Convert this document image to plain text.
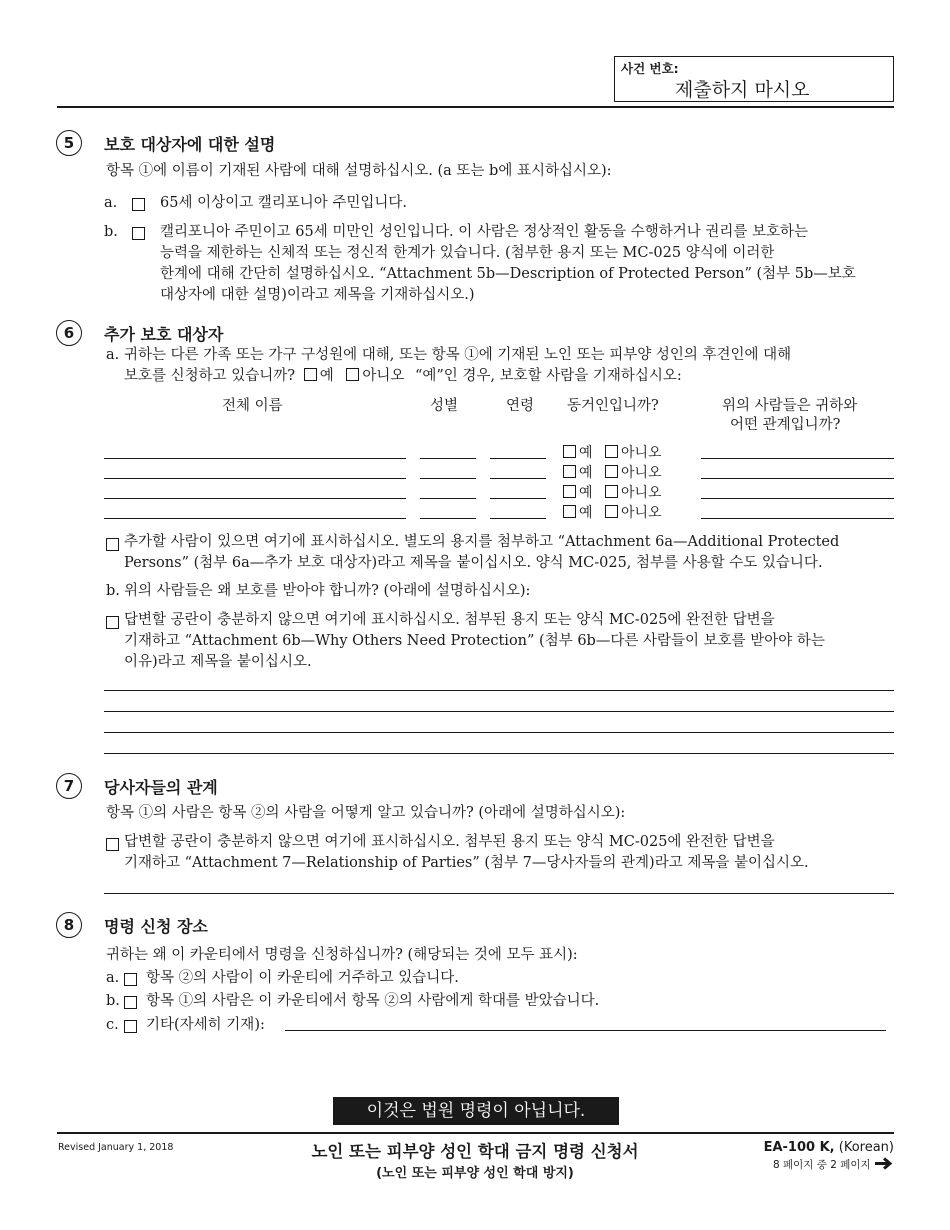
사건 번호:
제출하지 마시오
5	보호 대상자에 대한 설명
항목 ①에 이름이 기재된 사람에 대해 설명하십시오. (a 또는 b에 표시하십시오):
a.	65세 이상이고 캘리포니아 주민입니다.
b.	캘리포니아 주민이고 65세 미만인 성인입니다. 이 사람은 정상적인 활동을 수행하거나 권리를 보호하는
능력을 제한하는 신체적 또는 정신적 한계가 있습니다. (첨부한 용지 또는 MC-025 양식에 이러한
한계에 대해 간단히 설명하십시오. “Attachment 5b—Description of Protected Person” (첨부 5b—보호
대상자에 대한 설명)이라고 제목을 기재하십시오.)
6	추가 보호 대상자
a. 귀하는 다른 가족 또는 가구 구성원에 대해, 또는 항목 ①에 기재된 노인 또는 피부양 성인의 후견인에 대해
보호를 신청하고 있습니까? 예 아니오 “예”인 경우, 보호할 사람을 기재하십시오:
전체 이름	성별	연령 동거인입니까?	위의 사람들은 귀하와
어떤 관계입니까?
예 아니오
예 아니오
예 아니오
예 아니오
추가할 사람이 있으면 여기에 표시하십시오. 별도의 용지를 첨부하고 “Attachment 6a—Additional Protected
Persons” (첨부 6a—추가 보호 대상자)라고 제목을 붙이십시오. 양식 MC-025, 첨부를 사용할 수도 있습니다.
b. 위의 사람들은 왜 보호를 받아야 합니까? (아래에 설명하십시오):
답변할 공란이 충분하지 않으면 여기에 표시하십시오. 첨부된 용지 또는 양식 MC-025에 완전한 답변을
기재하고 “Attachment 6b—Why Others Need Protection” (첨부 6b—다른 사람들이 보호를 받아야 하는
이유)라고 제목을 붙이십시오.
7	당사자들의 관계
항목 ①의 사람은 항목 ②의 사람을 어떻게 알고 있습니까? (아래에 설명하십시오):
답변할 공란이 충분하지 않으면 여기에 표시하십시오. 첨부된 용지 또는 양식 MC-025에 완전한 답변을
기재하고 “Attachment 7—Relationship of Parties” (첨부 7—당사자들의 관계)라고 제목을 붙이십시오.
8	명령 신청 장소
귀하는 왜 이 카운티에서 명령을 신청하십니까? (해당되는 것에 모두 표시):
a. 항목 ②의 사람이 이 카운티에 거주하고 있습니다.
b. 항목 ①의 사람은 이 카운티에서 항목 ②의 사람에게 학대를 받았습니다.
c. 기타(자세히 기재):
이것은 법원 명령이 아닙니다.
Revised January 1, 2018	노인 또는 피부양 성인 학대 금지 명령 신청서
(노인 또는 피부양 성인 학대 방지)
EA-100 K, (Korean)
8 페이지 중 2 페이지
